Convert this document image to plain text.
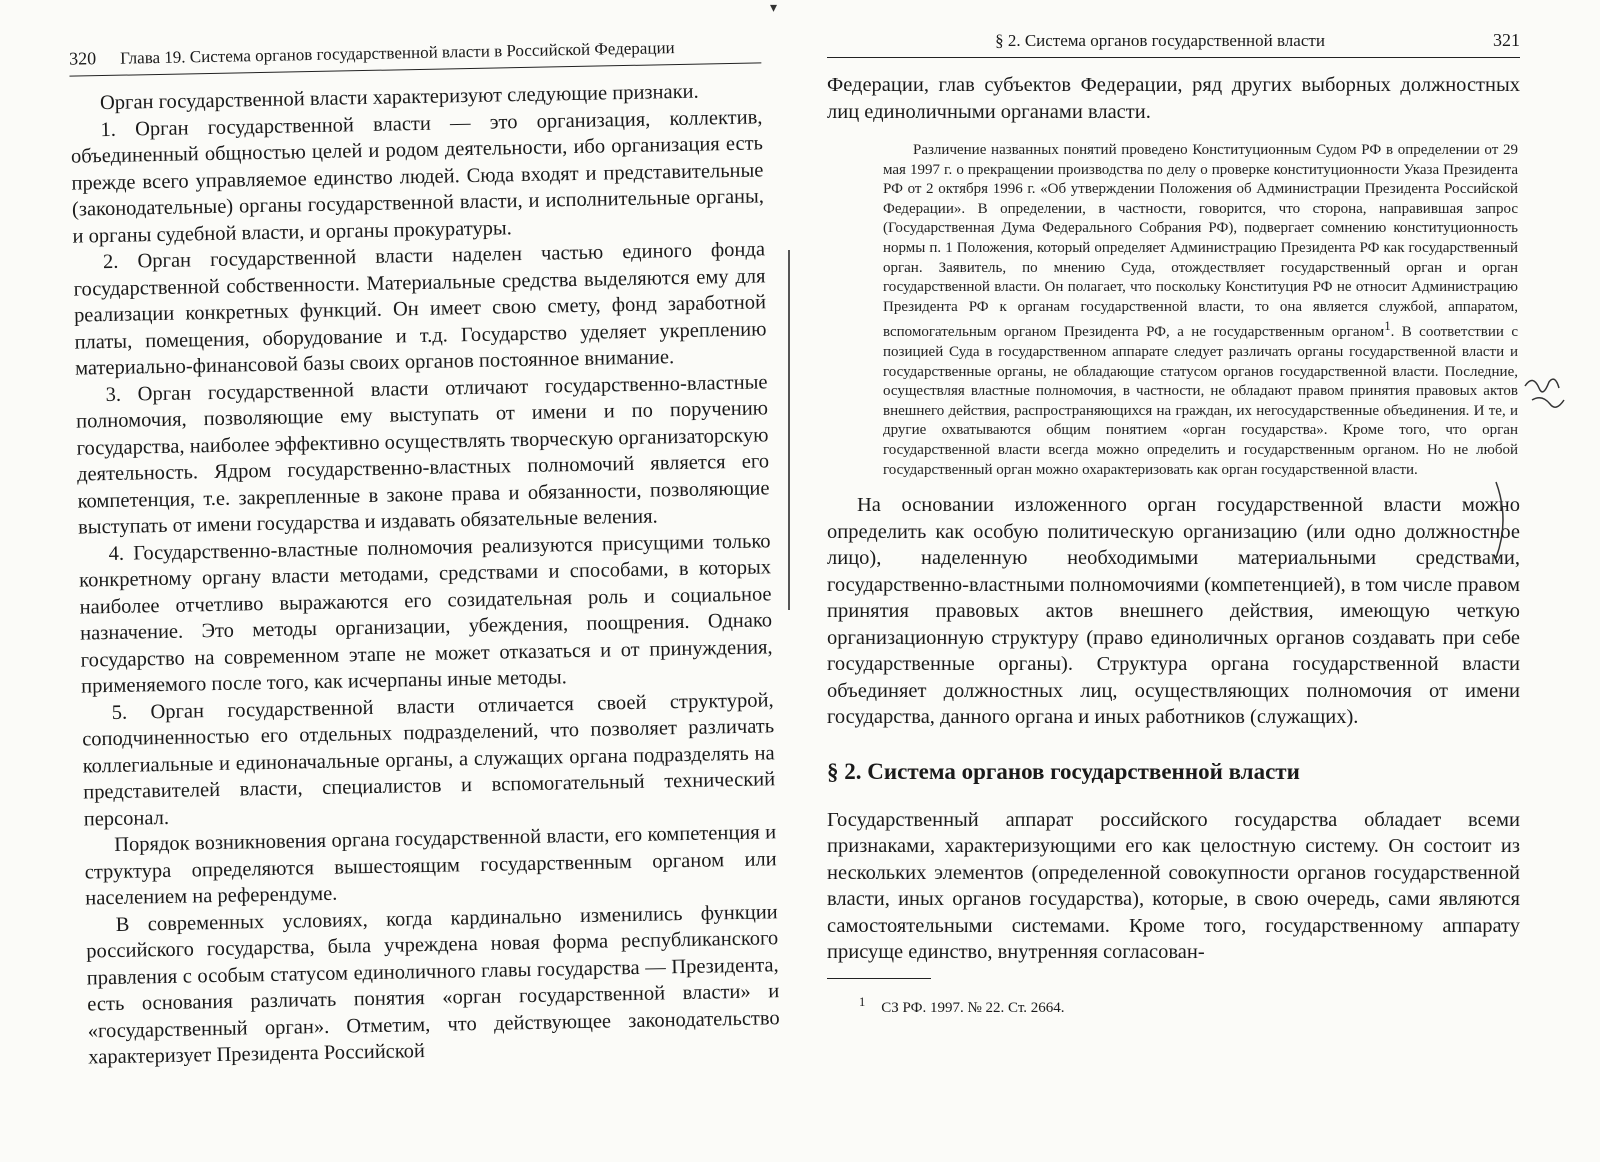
▾
320 Глава 19. Система органов государственной власти в Российской Федерации

Орган государственной власти характеризуют следующие признаки.

1. Орган государственной власти — это организация, коллектив, объединенный общностью целей и родом деятельности, ибо организация есть прежде всего управляемое единство людей. Сюда входят и представительные (законодательные) органы государственной власти, и исполнительные органы, и органы судебной власти, и органы прокуратуры.

2. Орган государственной власти наделен частью единого фонда государственной собственности. Материальные средства выделяются ему для реализации конкретных функций. Он имеет свою смету, фонд заработной платы, помещения, оборудование и т.д. Государство уделяет укреплению материально-финансовой базы своих органов постоянное внимание.

3. Орган государственной власти отличают государственно-властные полномочия, позволяющие ему выступать от имени и по поручению государства, наиболее эффективно осуществлять творческую организаторскую деятельность. Ядром государственно-властных полномочий является его компетенция, т.е. закрепленные в законе права и обязанности, позволяющие выступать от имени государства и издавать обязательные веления.

4. Государственно-властные полномочия реализуются присущими только конкретному органу власти методами, средствами и способами, в которых наиболее отчетливо выражаются его созидательная роль и социальное назначение. Это методы организации, убеждения, поощрения. Однако государство на современном этапе не может отказаться и от принуждения, применяемого после того, как исчерпаны иные методы.

5. Орган государственной власти отличается своей структурой, соподчиненностью его отдельных подразделений, что позволяет различать коллегиальные и единоначальные органы, а служащих органа подразделять на представителей власти, специалистов и вспомогательный технический персонал.

Порядок возникновения органа государственной власти, его компетенция и структура определяются вышестоящим государственным органом или населением на референдуме.

В современных условиях, когда кардинально изменились функции российского государства, была учреждена новая форма республиканского правления с особым статусом единоличного главы государства — Президента, есть основания различать понятия «орган государственной власти» и «государственный орган». Отметим, что действующее законодательство характеризует Президента Российской

§ 2. Система органов государственной власти	321

Федерации, глав субъектов Федерации, ряд других выборных должностных лиц единоличными органами власти.

Различение названных понятий проведено Конституционным Судом РФ в определении от 29 мая 1997 г. о прекращении производства по делу о проверке конституционности Указа Президента РФ от 2 октября 1996 г. «Об утверждении Положения об Администрации Президента Российской Федерации». В определении, в частности, говорится, что сторона, направившая запрос (Государственная Дума Федерального Собрания РФ), подвергает сомнению конституционность нормы п. 1 Положения, который определяет Администрацию Президента РФ как государственный орган. Заявитель, по мнению Суда, отождествляет государственный орган и орган государственной власти. Он полагает, что поскольку Конституция РФ не относит Администрацию Президента РФ к органам государственной власти, то она является службой, аппаратом, вспомогательным органом Президента РФ, а не государственным органом$^1$. В соответствии с позицией Суда в государственном аппарате следует различать органы государственной власти и государственные органы, не обладающие статусом органов государственной власти. Последние, осуществляя властные полномочия, в частности, не обладают правом принятия правовых актов внешнего действия, распространяющихся на граждан, их негосударственные объединения. И те, и другие охватываются общим понятием «орган государства». Кроме того, что орган государственной власти всегда можно определить и государственным органом. Но не любой государственный орган можно охарактеризовать как орган государственной власти.

На основании изложенного орган государственной власти можно определить как особую политическую организацию (или одно должностное лицо), наделенную необходимыми материальными средствами, государственно-властными полномочиями (компетенцией), в том числе правом принятия правовых актов внешнего действия, имеющую четкую организационную структуру (право единоличных органов создавать при себе государственные органы). Структура органа государственной власти объединяет должностных лиц, осуществляющих полномочия от имени государства, данного органа и иных работников (служащих).

§ 2. Система органов государственной власти

Государственный аппарат российского государства обладает всеми признаками, характеризующими его как целостную систему. Он состоит из нескольких элементов (определенной совокупности органов государственной власти, иных органов государства), которые, в свою очередь, сами являются самостоятельными системами. Кроме того, государственному аппарату присуще единство, внутренняя согласован-

$^1$ СЗ РФ. 1997. № 22. Ст. 2664.
